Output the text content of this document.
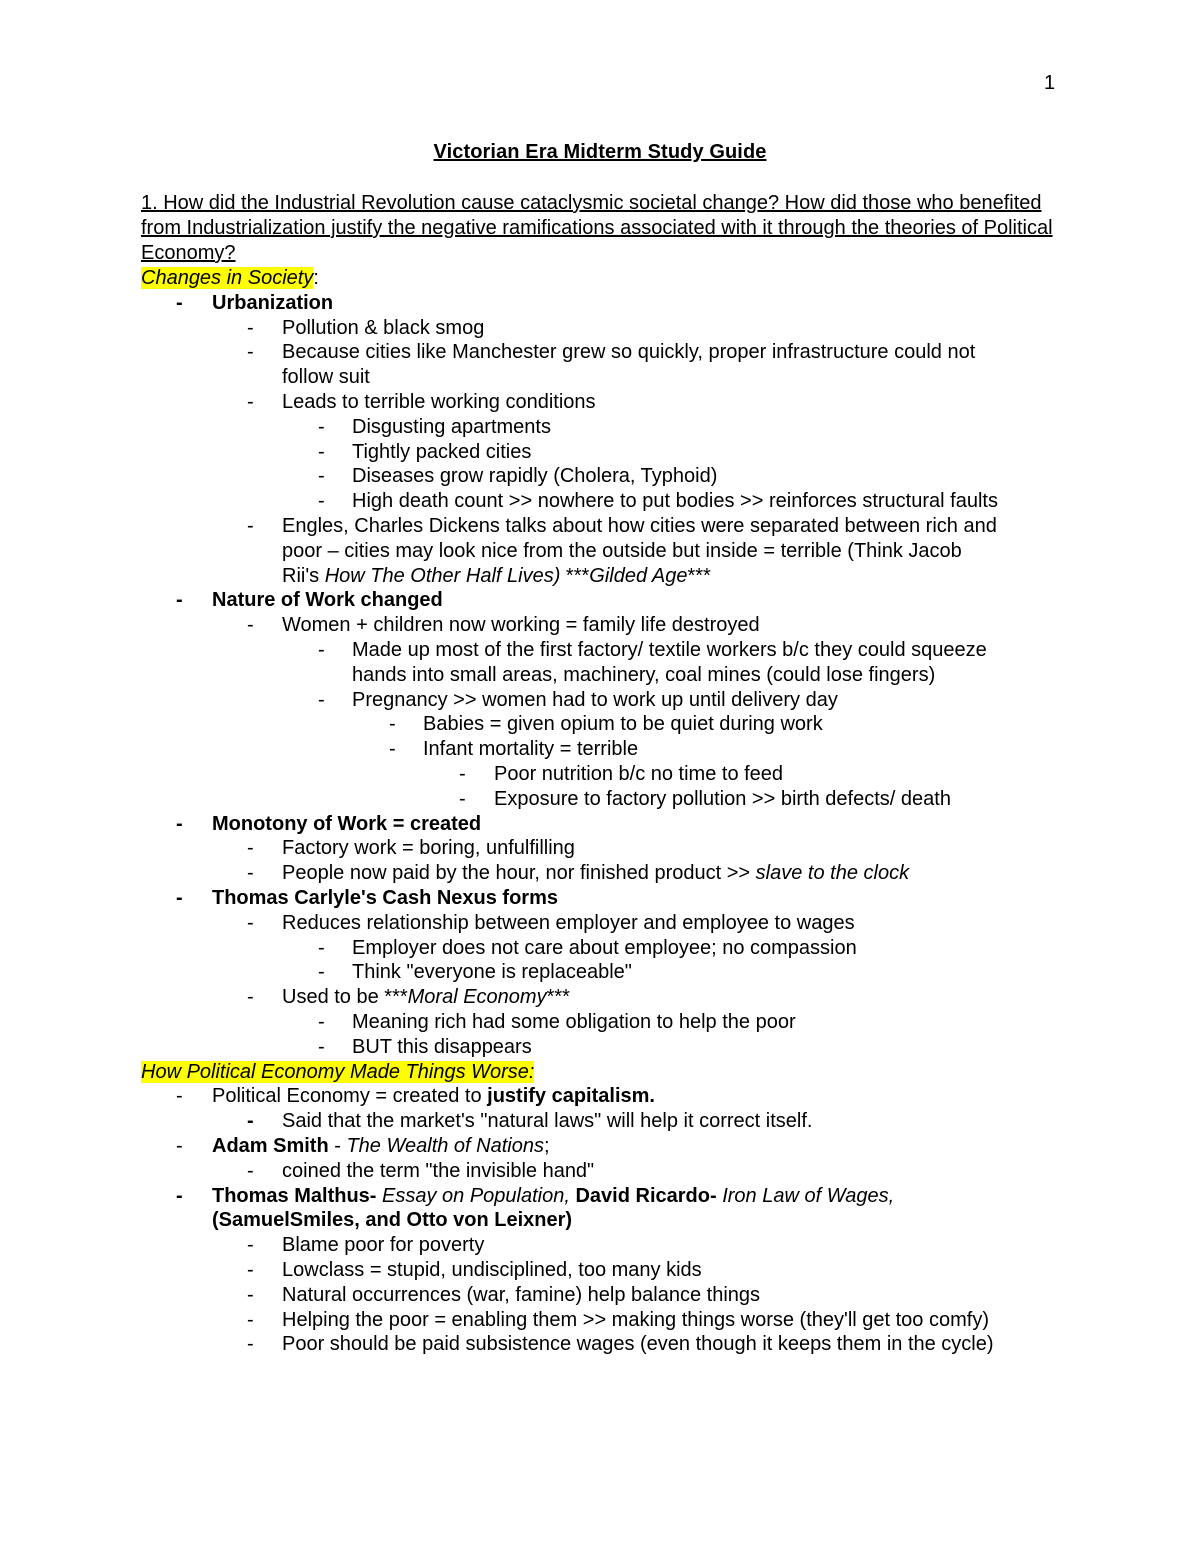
1
Victorian Era Midterm Study Guide
1. How did the Industrial Revolution cause cataclysmic societal change? How did those who benefited from Industrialization justify the negative ramifications associated with it through the theories of Political Economy?
Changes in Society:
- Urbanization
- Pollution & black smog
- Because cities like Manchester grew so quickly, proper infrastructure could not
follow suit
- Leads to terrible working conditions
- Disgusting apartments
- Tightly packed cities
- Diseases grow rapidly (Cholera, Typhoid)
- High death count >> nowhere to put bodies >> reinforces structural faults
- Engles, Charles Dickens talks about how cities were separated between rich and
poor – cities may look nice from the outside but inside = terrible (Think Jacob
Rii's How The Other Half Lives) ***Gilded Age***
- Nature of Work changed
- Women + children now working = family life destroyed
- Made up most of the first factory/ textile workers b/c they could squeeze
hands into small areas, machinery, coal mines (could lose fingers)
- Pregnancy >> women had to work up until delivery day
- Babies = given opium to be quiet during work
- Infant mortality = terrible
- Poor nutrition b/c no time to feed
- Exposure to factory pollution >> birth defects/ death
- Monotony of Work = created
- Factory work = boring, unfulfilling
- People now paid by the hour, nor finished product >> slave to the clock
- Thomas Carlyle's Cash Nexus forms
- Reduces relationship between employer and employee to wages
- Employer does not care about employee; no compassion
- Think "everyone is replaceable"
- Used to be ***Moral Economy***
- Meaning rich had some obligation to help the poor
- BUT this disappears
How Political Economy Made Things Worse:
- Political Economy = created to justify capitalism.
- Said that the market's "natural laws" will help it correct itself.
- Adam Smith - The Wealth of Nations;
- coined the term "the invisible hand"
- Thomas Malthus- Essay on Population, David Ricardo- Iron Law of Wages,
(SamuelSmiles, and Otto von Leixner)
- Blame poor for poverty
- Lowclass = stupid, undisciplined, too many kids
- Natural occurrences (war, famine) help balance things
- Helping the poor = enabling them >> making things worse (they'll get too comfy)
- Poor should be paid subsistence wages (even though it keeps them in the cycle)
